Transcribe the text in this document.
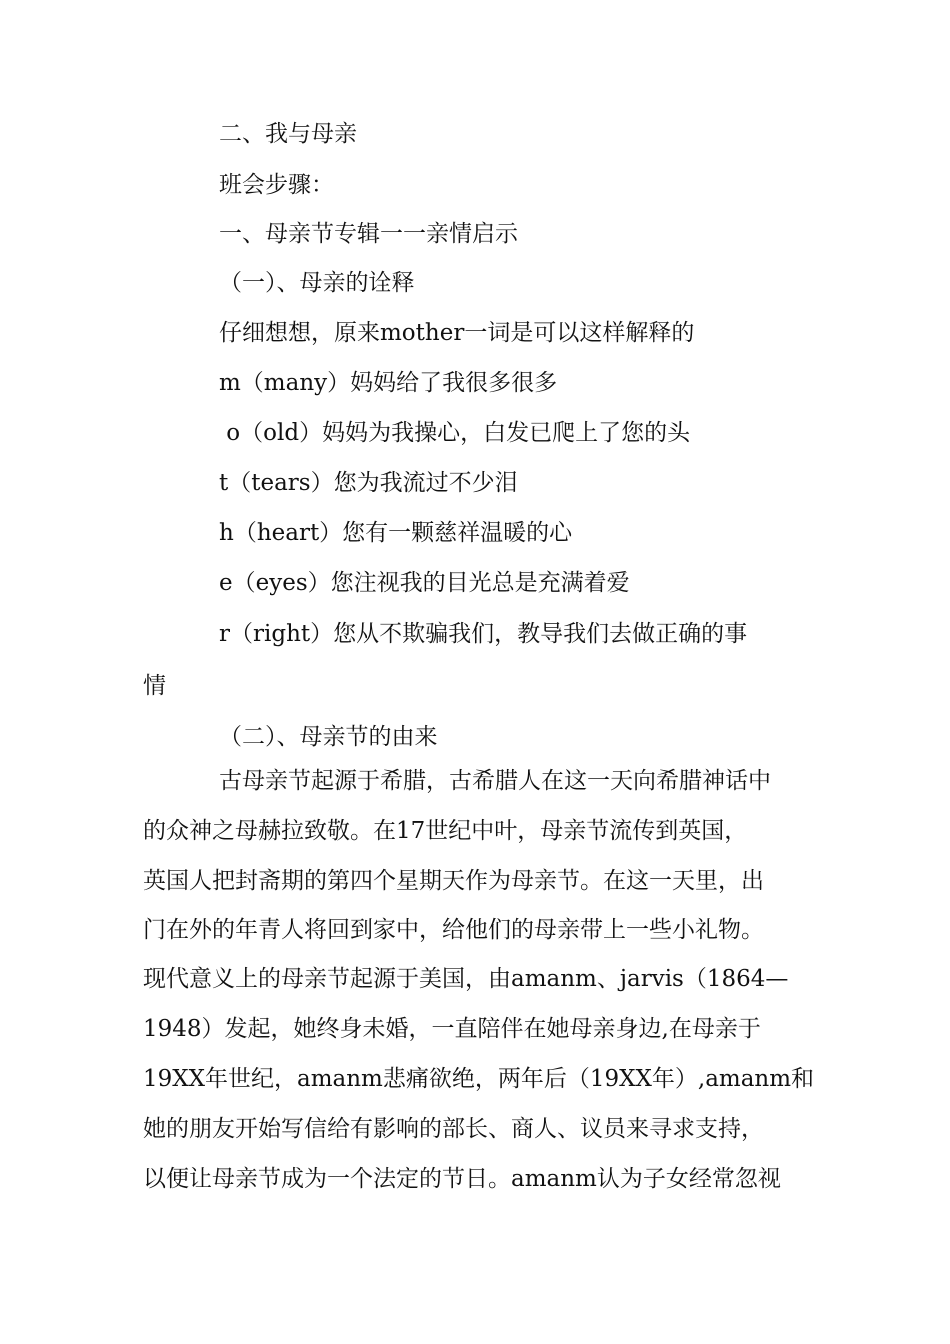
二、我与母亲
班会步骤：
一、母亲节专辑一一亲情启示
（一）、母亲的诠释
仔细想想，原来mother一词是可以这样解释的
m（many）妈妈给了我很多很多
o（old）妈妈为我操心，白发已爬上了您的头
t（tears）您为我流过不少泪
h（heart）您有一颗慈祥温暖的心
e（eyes）您注视我的目光总是充满着爱
r（right）您从不欺骗我们，教导我们去做正确的事
情
（二）、母亲节的由来
古母亲节起源于希腊，古希腊人在这一天向希腊神话中
的众神之母赫拉致敬。在17世纪中叶，母亲节流传到英国，
英国人把封斋期的第四个星期天作为母亲节。在这一天里，出
门在外的年青人将回到家中，给他们的母亲带上一些小礼物。
现代意义上的母亲节起源于美国，由amanm、jarvis（1864—
1948）发起，她终身未婚，一直陪伴在她母亲身边,在母亲于
19XX年世纪，amanm悲痛欲绝，两年后（19XX年）,amanm和
她的朋友开始写信给有影响的部长、商人、议员来寻求支持，
以便让母亲节成为一个法定的节日。amanm认为子女经常忽视
